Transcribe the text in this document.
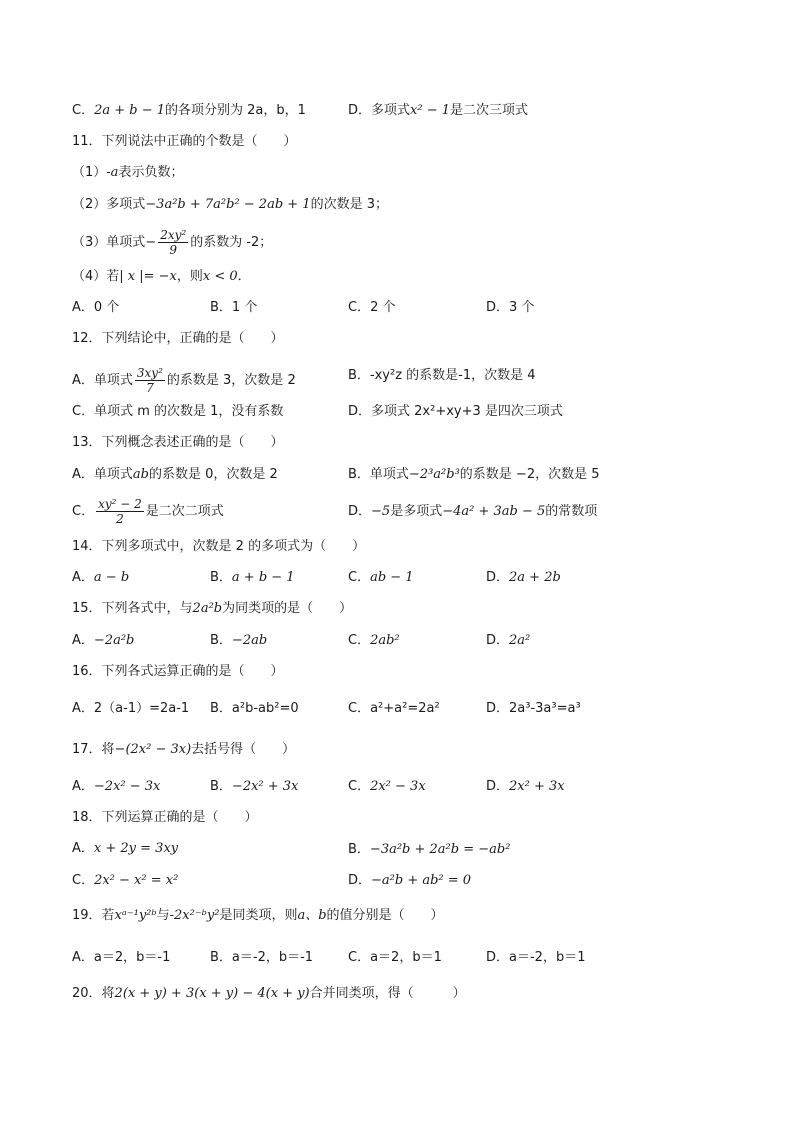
C．2a + b − 1的各项分别为 2a，b，1	D．多项式x² − 1是二次三项式
11．下列说法中正确的个数是（　　）
（1）-a表示负数；
（2）多项式−3a²b + 7a²b² − 2ab + 1的次数是 3；
（3）单项式− $\frac{\text{2xy²}}{9}$ 的系数为 -2；
（4）若| x |= −x，则x < 0．
A．0 个	B．1 个	C．2 个	D．3 个
12．下列结论中，正确的是（　　）
A．单项式 $\frac{\text{3xy²}}{7}$ 的系数是 3，次数是 2	B．-xy²z 的系数是-1，次数是 4
C．单项式 m 的次数是 1，没有系数	D．多项式 2x²+xy+3 是四次三项式
13．下列概念表述正确的是（　　）
A．单项式ab的系数是 0，次数是 2	B．单项式−2³a²b³的系数是 −2，次数是 5
C． $\frac{\text{xy² − 2}}{2}$ 是二次二项式	D．−5是多项式−4a² + 3ab − 5的常数项
14．下列多项式中，次数是 2 的多项式为（　　）
A．a − b	B．a + b − 1	C．ab − 1	D．2a + 2b
15．下列各式中，与2a²b为同类项的是（　　）
A．−2a²b	B．−2ab	C．2ab²	D．2a²
16．下列各式运算正确的是（　　）
A．2（a-1）=2a-1 B．a²b-ab²=0	C．a²+a²=2a²	D．2a³-3a³=a³
17．将−(2x² − 3x)去括号得（　　）
A．−2x² − 3x	B．−2x² + 3x	C．2x² − 3x	D．2x² + 3x
18．下列运算正确的是（　　）
A．x + 2y = 3xy	B．−3a²b + 2a²b = −ab²
C．2x² − x² = x²	D．−a²b + ab² = 0
19．若xᵃ⁻¹y²ᵇ与-2x²⁻ᵇy²是同类项，则a、b的值分别是（　　）
A．a＝2，b＝-1	B．a＝-2，b＝-1	C．a＝2，b＝1	D．a＝-2，b＝1
20．将2(x + y) + 3(x + y) − 4(x + y)合并同类项，得（　　　）
